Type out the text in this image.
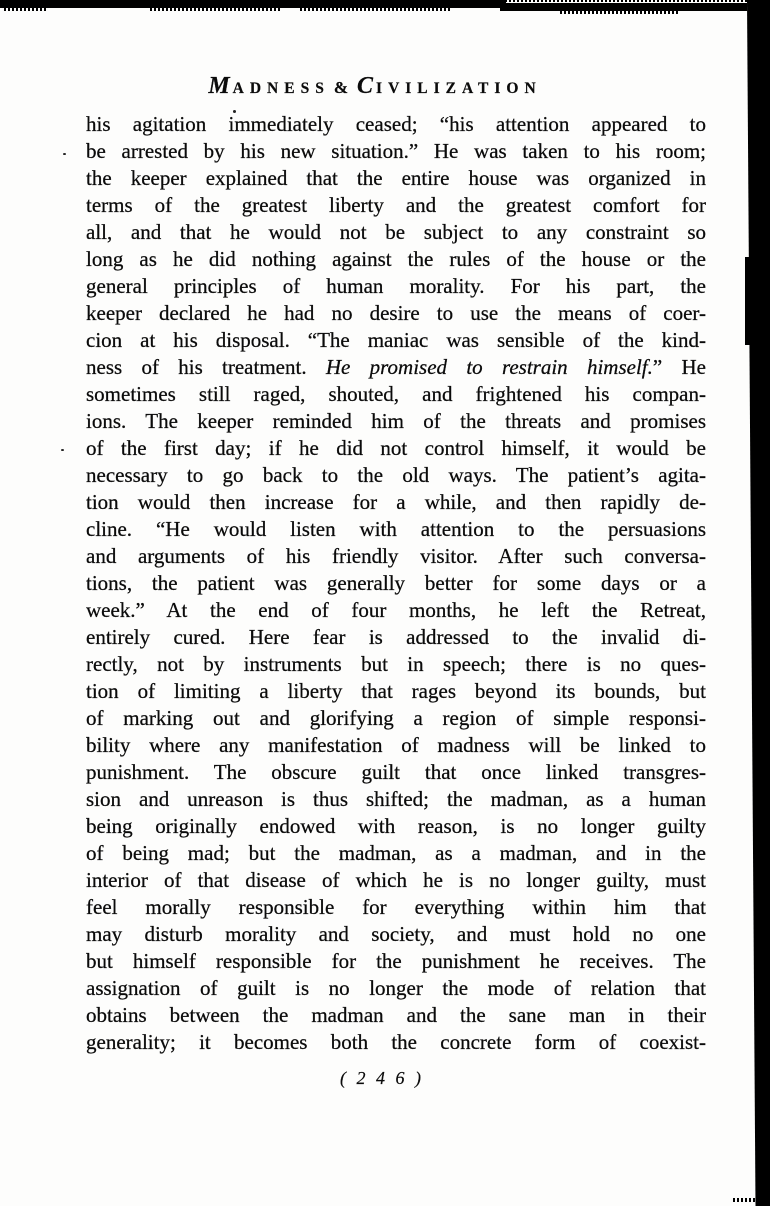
MADNESS & CIVILIZATION
his agitation immediately ceased; “his attention appeared to
be arrested by his new situation.” He was taken to his room;
the keeper explained that the entire house was organized in
terms of the greatest liberty and the greatest comfort for
all, and that he would not be subject to any constraint so
long as he did nothing against the rules of the house or the
general principles of human morality. For his part, the
keeper declared he had no desire to use the means of coer-
cion at his disposal. “The maniac was sensible of the kind-
ness of his treatment. He promised to restrain himself.” He
sometimes still raged, shouted, and frightened his compan-
ions. The keeper reminded him of the threats and promises
of the first day; if he did not control himself, it would be
necessary to go back to the old ways. The patient’s agita-
tion would then increase for a while, and then rapidly de-
cline. “He would listen with attention to the persuasions
and arguments of his friendly visitor. After such conversa-
tions, the patient was generally better for some days or a
week.” At the end of four months, he left the Retreat,
entirely cured. Here fear is addressed to the invalid di-
rectly, not by instruments but in speech; there is no ques-
tion of limiting a liberty that rages beyond its bounds, but
of marking out and glorifying a region of simple responsi-
bility where any manifestation of madness will be linked to
punishment. The obscure guilt that once linked transgres-
sion and unreason is thus shifted; the madman, as a human
being originally endowed with reason, is no longer guilty
of being mad; but the madman, as a madman, and in the
interior of that disease of which he is no longer guilty, must
feel morally responsible for everything within him that
may disturb morality and society, and must hold no one
but himself responsible for the punishment he receives. The
assignation of guilt is no longer the mode of relation that
obtains between the madman and the sane man in their
generality; it becomes both the concrete form of coexist-
( 2 4 6 )
